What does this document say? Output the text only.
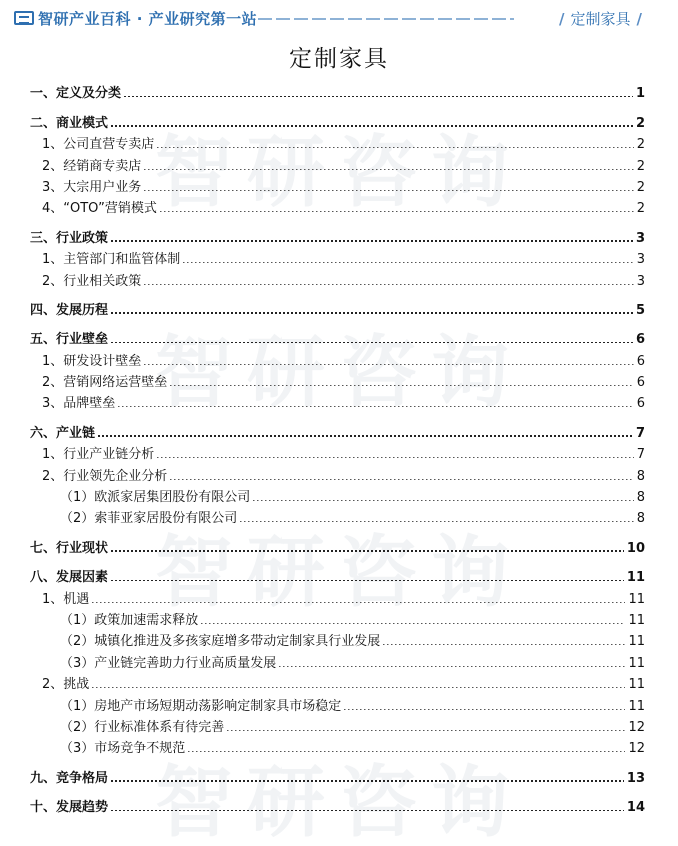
智研产业百科 · 产业研究第一站	/ 定制家具 /
智研咨询
智研咨询
智研咨询
智研咨询
定制家具
一、定义及分类	1
二、商业模式	2
1、公司直营专卖店	2
2、经销商专卖店	2
3、大宗用户业务	2
4、“OTO”营销模式	2
三、行业政策	3
1、主管部门和监管体制	3
2、行业相关政策	3
四、发展历程	5
五、行业壁垒	6
1、研发设计壁垒	6
2、营销网络运营壁垒	6
3、品牌壁垒	6
六、产业链	7
1、行业产业链分析	7
2、行业领先企业分析	8
（1）欧派家居集团股份有限公司	8
（2）索菲亚家居股份有限公司	8
七、行业现状	10
八、发展因素	11
1、机遇	11
（1）政策加速需求释放	11
（2）城镇化推进及多孩家庭增多带动定制家具行业发展	11
（3）产业链完善助力行业高质量发展	11
2、挑战	11
（1）房地产市场短期动荡影响定制家具市场稳定	11
（2）行业标准体系有待完善	12
（3）市场竞争不规范	12
九、竞争格局	13
十、发展趋势	14
